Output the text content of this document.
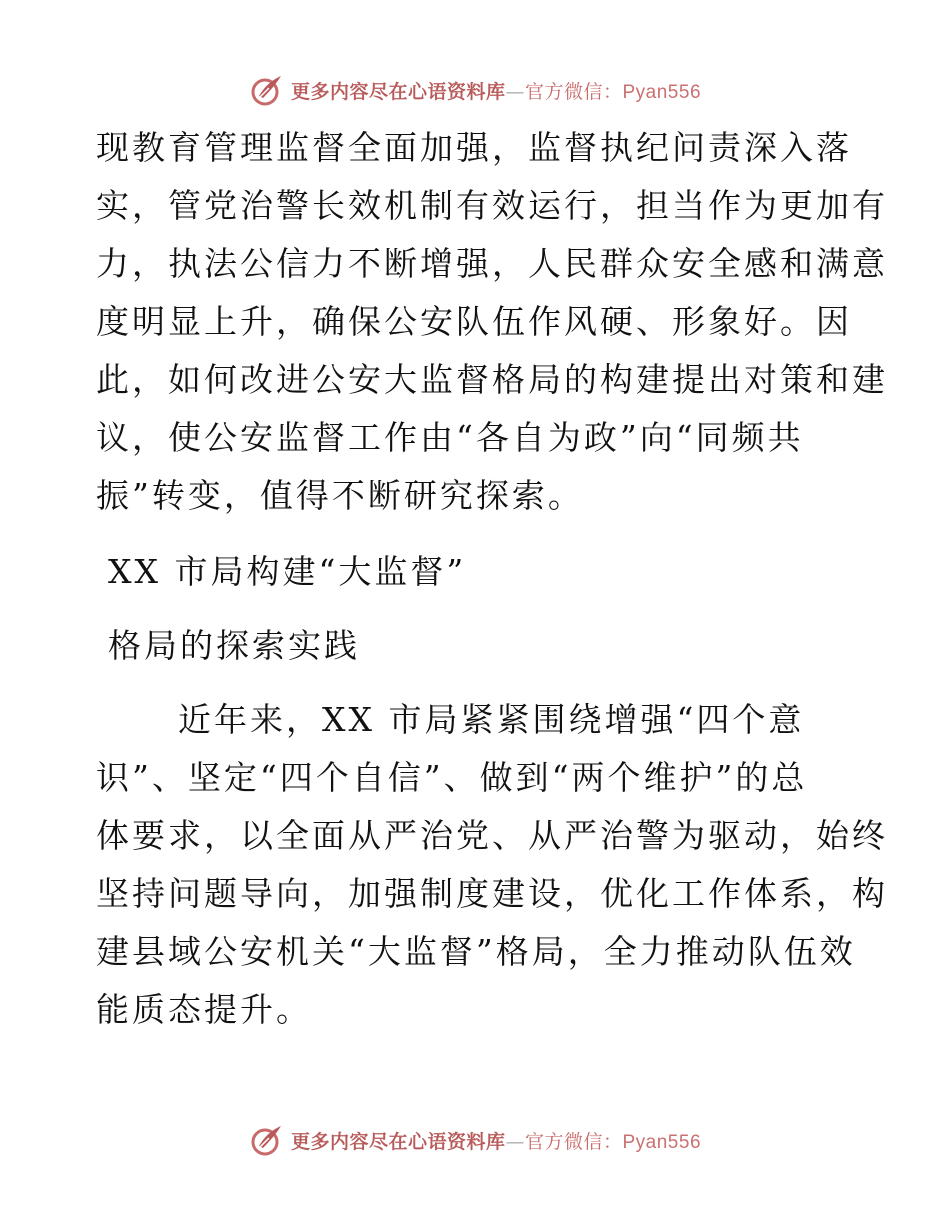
更多内容尽在心语资料库—官方微信：Pyan556
现教育管理监督全面加强，监督执纪问责深入落
实，管党治警长效机制有效运行，担当作为更加有
力，执法公信力不断增强，人民群众安全感和满意
度明显上升，确保公安队伍作风硬、形象好。因
此，如何改进公安大监督格局的构建提出对策和建
议，使公安监督工作由“各自为政”向“同频共
振”转变，值得不断研究探索。
XX 市局构建“大监督”
格局的探索实践
近年来，XX 市局紧紧围绕增强“四个意
识”、坚定“四个自信”、做到“两个维护”的总
体要求，以全面从严治党、从严治警为驱动，始终
坚持问题导向，加强制度建设，优化工作体系，构
建县域公安机关“大监督”格局，全力推动队伍效
能质态提升。
更多内容尽在心语资料库—官方微信：Pyan556
